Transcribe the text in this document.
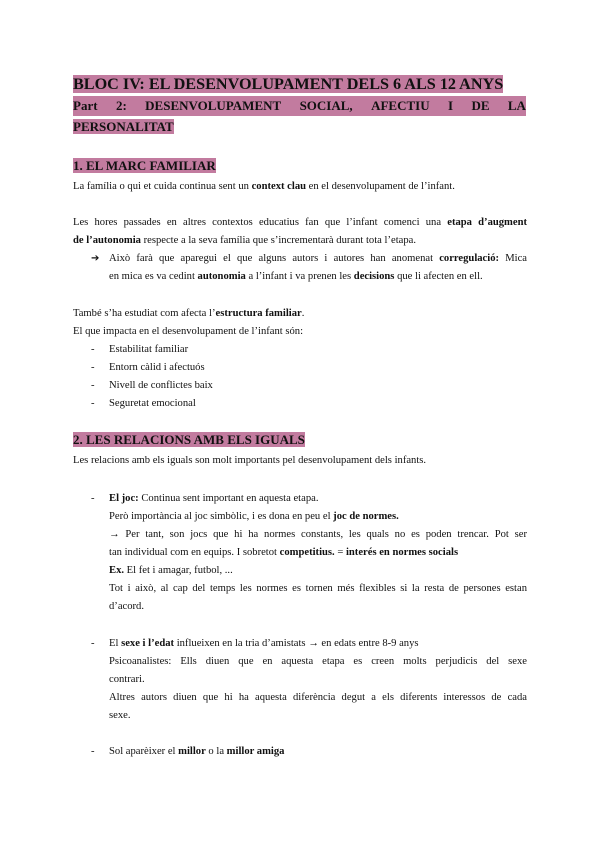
BLOC IV: EL DESENVOLUPAMENT DELS 6 ALS 12 ANYS
Part 2: DESENVOLUPAMENT SOCIAL, AFECTIU I DE LA
PERSONALITAT
1. EL MARC FAMILIAR
La família o qui et cuida continua sent un context clau en el desenvolupament de l’infant.
Les hores passades en altres contextos educatius fan que l’infant comenci una etapa d’augment
de l’autonomia respecte a la seva família que s’incrementarà durant tota l’etapa.
➔ Això farà que aparegui el que alguns autors i autores han anomenat corregulació: Mica
en mica es va cedint autonomia a l’infant i va prenen les decisions que li afecten en ell.
També s’ha estudiat com afecta l’estructura familiar.
El que impacta en el desenvolupament de l’infant són:
- Estabilitat familiar
- Entorn càlid i afectuós
- Nivell de conflictes baix
- Seguretat emocional
2. LES RELACIONS AMB ELS IGUALS
Les relacions amb els iguals son molt importants pel desenvolupament dels infants.
- El joc: Continua sent important en aquesta etapa.
Però importància al joc simbòlic, i es dona en peu el joc de normes.
→ Per tant, son jocs que hi ha normes constants, les quals no es poden trencar. Pot ser
tan individual com en equips. I sobretot competitius. = interés en normes socials
Ex. El fet i amagar, futbol, ...
Tot i això, al cap del temps les normes es tornen més flexibles si la resta de persones estan
d’acord.
- El sexe i l’edat influeixen en la tria d’amistats → en edats entre 8-9 anys
Psicoanalistes: Ells diuen que en aquesta etapa es creen molts perjudicis del sexe
contrari.
Altres autors diuen que hi ha aquesta diferència degut a els diferents interessos de cada
sexe.
- Sol aparèixer el millor o la millor amiga
